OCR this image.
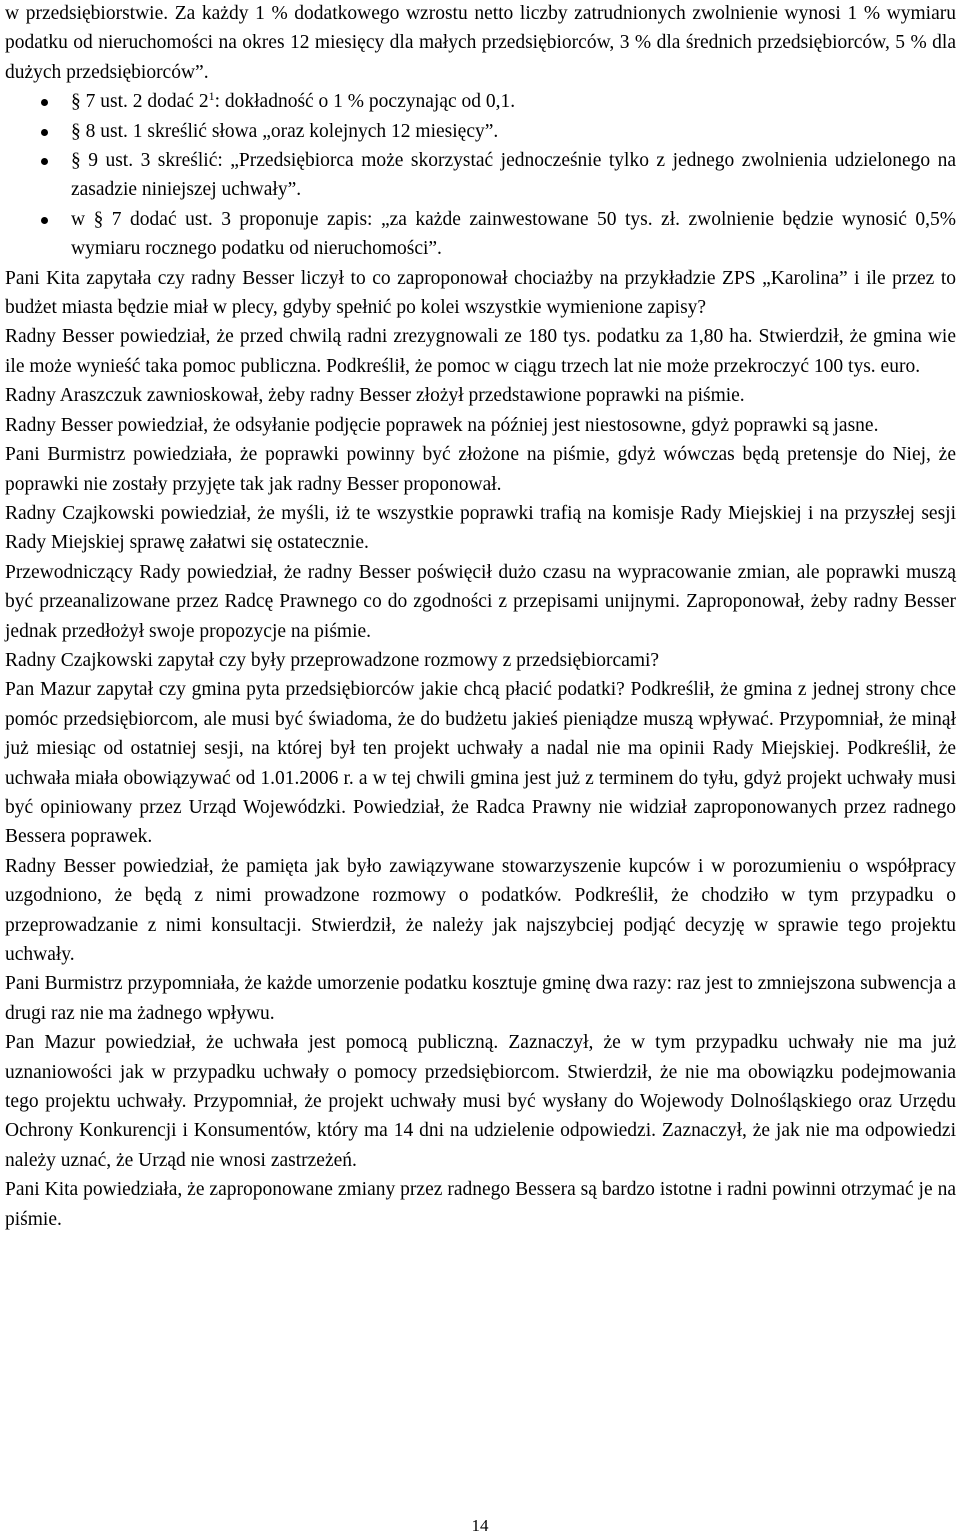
w przedsiębiorstwie. Za każdy 1 % dodatkowego wzrostu netto liczby zatrudnionych zwolnienie wynosi 1 % wymiaru podatku od nieruchomości na okres 12 miesięcy dla małych przedsiębiorców, 3 % dla średnich przedsiębiorców, 5 % dla dużych przedsiębiorców”.

§ 7 ust. 2 dodać $2^1$: dokładność o 1 % poczynając od 0,1.
§ 8 ust. 1 skreślić słowa „oraz kolejnych 12 miesięcy”.
§ 9 ust. 3 skreślić: „Przedsiębiorca może skorzystać jednocześnie tylko z jednego zwolnienia udzielonego na zasadzie niniejszej uchwały”.
w § 7 dodać ust. 3 proponuje zapis: „za każde zainwestowane 50 tys. zł. zwolnienie będzie wynosić 0,5% wymiaru rocznego podatku od nieruchomości”.

Pani Kita zapytała czy radny Besser liczył to co zaproponował chociażby na przykładzie ZPS „Karolina” i ile przez to budżet miasta będzie miał w plecy, gdyby spełnić po kolei wszystkie wymienione zapisy?

Radny Besser powiedział, że przed chwilą radni zrezygnowali ze 180 tys. podatku za 1,80 ha. Stwierdził, że gmina wie ile może wynieść taka pomoc publiczna. Podkreślił, że pomoc w ciągu trzech lat nie może przekroczyć 100 tys. euro.

Radny Araszczuk zawnioskował, żeby radny Besser złożył przedstawione poprawki na piśmie.

Radny Besser powiedział, że odsyłanie podjęcie poprawek na później jest niestosowne, gdyż poprawki są jasne.

Pani Burmistrz powiedziała, że poprawki powinny być złożone na piśmie, gdyż wówczas będą pretensje do Niej, że poprawki nie zostały przyjęte tak jak radny Besser proponował.

Radny Czajkowski powiedział, że myśli, iż te wszystkie poprawki trafią na komisje Rady Miejskiej i na przyszłej sesji Rady Miejskiej sprawę załatwi się ostatecznie.

Przewodniczący Rady powiedział, że radny Besser poświęcił dużo czasu na wypracowanie zmian, ale poprawki muszą być przeanalizowane przez Radcę Prawnego co do zgodności z przepisami unijnymi. Zaproponował, żeby radny Besser jednak przedłożył swoje propozycje na piśmie.

Radny Czajkowski zapytał czy były przeprowadzone rozmowy z przedsiębiorcami?

Pan Mazur zapytał czy gmina pyta przedsiębiorców jakie chcą płacić podatki? Podkreślił, że gmina z jednej strony chce pomóc przedsiębiorcom, ale musi być świadoma, że do budżetu jakieś pieniądze muszą wpływać. Przypomniał, że minął już miesiąc od ostatniej sesji, na której był ten projekt uchwały a nadal nie ma opinii Rady Miejskiej. Podkreślił, że uchwała miała obowiązywać od 1.01.2006 r. a w tej chwili gmina jest już z terminem do tyłu, gdyż projekt uchwały musi być opiniowany przez Urząd Wojewódzki. Powiedział, że Radca Prawny nie widział zaproponowanych przez radnego Bessera poprawek.

Radny Besser powiedział, że pamięta jak było zawiązywane stowarzyszenie kupców i w porozumieniu o współpracy uzgodniono, że będą z nimi prowadzone rozmowy o podatków. Podkreślił, że chodziło w tym przypadku o przeprowadzanie z nimi konsultacji. Stwierdził, że należy jak najszybciej podjąć decyzję w sprawie tego projektu uchwały.

Pani Burmistrz przypomniała, że każde umorzenie podatku kosztuje gminę dwa razy: raz jest to zmniejszona subwencja a drugi raz nie ma żadnego wpływu.

Pan Mazur powiedział, że uchwała jest pomocą publiczną. Zaznaczył, że w tym przypadku uchwały nie ma już uznaniowości jak w przypadku uchwały o pomocy przedsiębiorcom. Stwierdził, że nie ma obowiązku podejmowania tego projektu uchwały. Przypomniał, że projekt uchwały musi być wysłany do Wojewody Dolnośląskiego oraz Urzędu Ochrony Konkurencji i Konsumentów, który ma 14 dni na udzielenie odpowiedzi. Zaznaczył, że jak nie ma odpowiedzi należy uznać, że Urząd nie wnosi zastrzeżeń.

Pani Kita powiedziała, że zaproponowane zmiany przez radnego Bessera są bardzo istotne i radni powinni otrzymać je na piśmie.

14
